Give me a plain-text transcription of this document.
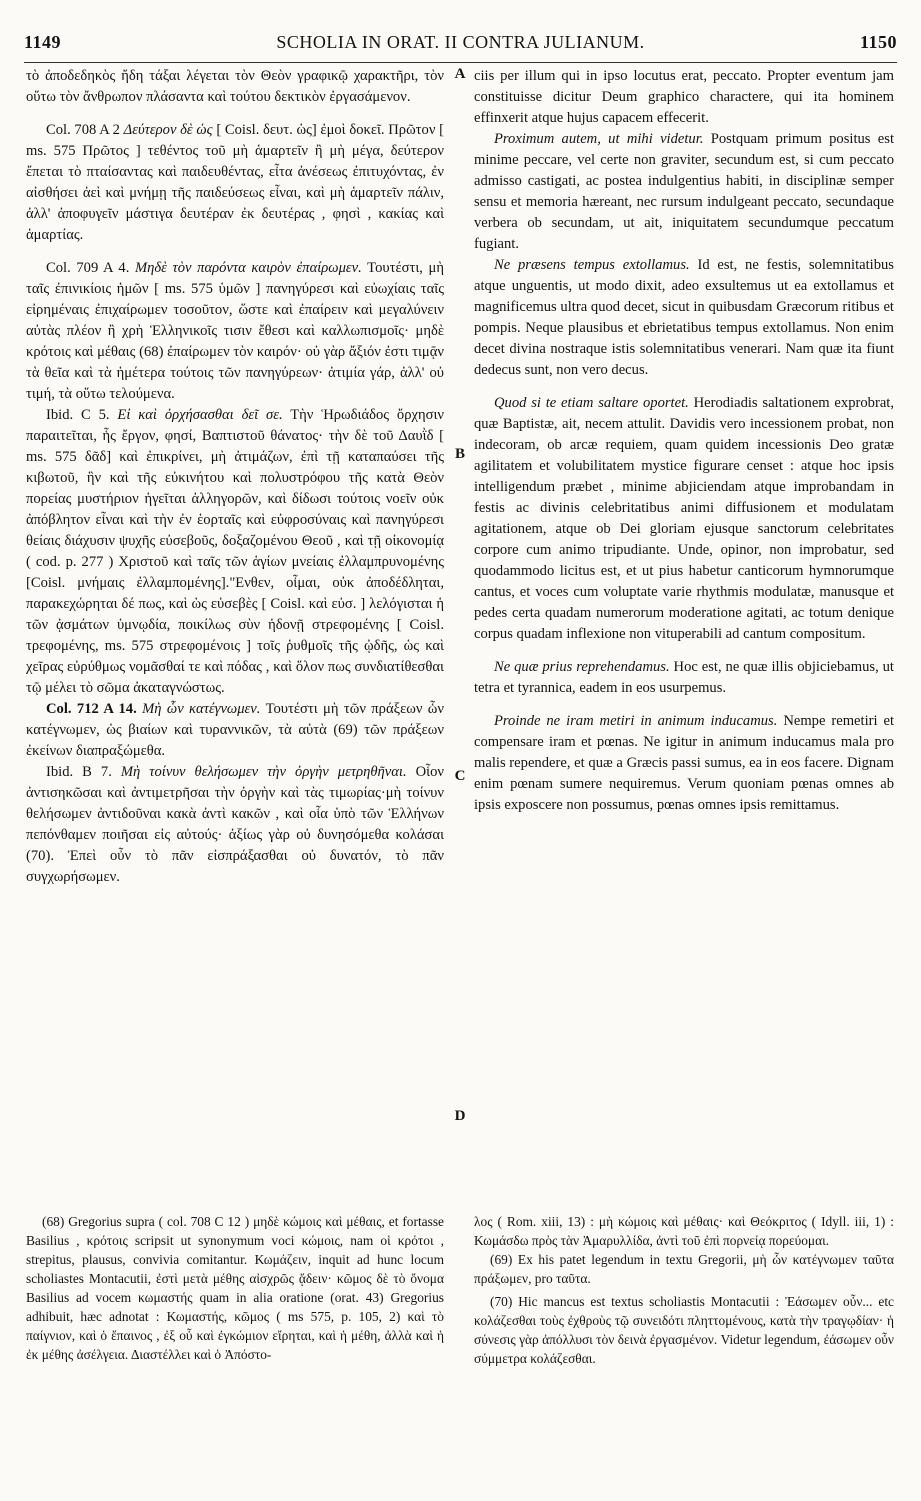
1149	SCHOLIA IN ORAT. II CONTRA JULIANUM.	1150
A
B
C
D

τὸ ἀποδεδηκὸς ἤδη τάξαι λέγεται τὸν Θεὸν γραφικῷ χαρακτῆρι, τὸν οὕτω τὸν ἄνθρωπον πλάσαντα καὶ τούτου δεκτικὸν ἐργασάμενον.

Col. 708 A 2 Δεύτερον δὲ ὡς [ Coisl. δευτ. ὡς] ἐμοὶ δοκεῖ. Πρῶτον [ ms. 575 Πρῶτος ] τεθέντος τοῦ μὴ ἁμαρτεῖν ἢ μὴ μέγα, δεύτερον ἔπεται τὸ πταίσαντας καὶ παιδευθέντας, εἶτα ἀνέσεως ἐπιτυχόντας, ἐν αἰσθήσει ἀεὶ καὶ μνήμῃ τῆς παιδεύσεως εἶναι, καὶ μὴ ἁμαρτεῖν πάλιν, ἀλλ' ἀποφυγεῖν μάστιγα δευτέραν ἐκ δευτέρας , φησὶ , κακίας καὶ ἁμαρτίας.

Col. 709 A 4. Μηδὲ τὸν παρόντα καιρὸν ἐπαίρωμεν. Τουτέστι, μὴ ταῖς ἐπινικίοις ἡμῶν [ ms. 575 ὑμῶν ] πανηγύρεσι καὶ εὐωχίαις ταῖς εἰρημέναις ἐπιχαίρωμεν τοσοῦτον, ὥστε καὶ ἐπαίρειν καὶ μεγαλύνειν αὐτὰς πλέον ἢ χρὴ Ἑλληνικοῖς τισιν ἔθεσι καὶ καλλωπισμοῖς· μηδὲ κρότοις καὶ μέθαις (68) ἐπαίρωμεν τὸν καιρόν· οὐ γὰρ ἄξιόν ἐστι τιμᾷν τὰ θεῖα καὶ τὰ ἡμέτερα τούτοις τῶν πανηγύρεων· ἀτιμία γάρ, ἀλλ' οὐ τιμή, τὰ οὕτω τελούμενα.

Ibid. C 5. Εἰ καὶ ὀρχήσασθαι δεῖ σε. Τὴν Ἡρωδιάδος ὄρχησιν παραιτεῖται, ἧς ἔργον, φησί, Βαπτιστοῦ θάνατος· τὴν δὲ τοῦ Δαυῒδ [ ms. 575 δᾶδ] καὶ ἐπικρίνει, μὴ ἀτιμάζων, ἐπὶ τῇ καταπαύσει τῆς κιβωτοῦ, ἣν καὶ τῆς εὐκινήτου καὶ πολυστρόφου τῆς κατὰ Θεὸν πορείας μυστήριον ἡγεῖται ἀλληγορῶν, καὶ δίδωσι τούτοις νοεῖν οὐκ ἀπόβλητον εἶναι καὶ τὴν ἐν ἑορταῖς καὶ εὐφροσύναις καὶ πανηγύρεσι θείαις διάχυσιν ψυχῆς εὐσεβοῦς, δοξαζομένου Θεοῦ , καὶ τῇ οἰκονομίᾳ ( cod. p. 277 ) Χριστοῦ καὶ ταῖς τῶν ἁγίων μνείαις ἐλλαμπρυνομένης [Coisl. μνήμαις ἐλλαμπομένης]."Ενθεν, οἶμαι, οὐκ ἀποδέδληται, παρακεχώρηται δέ πως, καὶ ὡς εὐσεβὲς [ Coisl. καὶ εὐσ. ] λελόγισται ἡ τῶν ᾀσμάτων ὑμνῳδία, ποικίλως σὺν ἡδονῇ στρεφομένης [ Coisl. τρεφομένης, ms. 575 στρεφομένοις ] τοῖς ῥυθμοῖς τῆς ᾠδῆς, ὡς καὶ χεῖρας εὐρύθμως νομᾶσθαί τε καὶ πόδας , καὶ ὅλον πως συνδιατίθεσθαι τῷ μέλει τὸ σῶμα ἀκαταγνώστως.

Col. 712 A 14. Μὴ ὧν κατέγνωμεν. Τουτέστι μὴ τῶν πράξεων ὧν κατέγνωμεν, ὡς βιαίων καὶ τυραννικῶν, τὰ αὐτὰ (69) τῶν πράξεων ἐκείνων διαπραξώμεθα.

Ibid. B 7. Μὴ τοίνυν θελήσωμεν τὴν ὀργὴν μετρηθῆναι. Οἷον ἀντισηκῶσαι καὶ ἀντιμετρῆσαι τὴν ὀργὴν καὶ τὰς τιμωρίας·μὴ τοίνυν θελήσωμεν ἀντιδοῦναι κακὰ ἀντὶ κακῶν , καὶ οἷα ὑπὸ τῶν Ἑλλήνων πεπόνθαμεν ποιῆσαι εἰς αὐτούς· ἀξίως γὰρ οὐ δυνησόμεθα κολάσαι (70). Ἐπεὶ οὖν τὸ πᾶν εἰσπράξασθαι οὐ δυνατόν, τὸ πᾶν συγχωρήσωμεν.

ciis per illum qui in ipso locutus erat, peccato. Propter eventum jam constituisse dicitur Deum graphico charactere, qui ita hominem effinxerit atque hujus capacem effecerit.

Proximum autem, ut mihi videtur. Postquam primum positus est minime peccare, vel certe non graviter, secundum est, si cum peccato admisso castigati, ac postea indulgentius habiti, in disciplinæ semper sensu et memoria hæreant, nec rursum indulgeant peccato, secundaque verbera ob secundam, ut ait, iniquitatem secundumque peccatum fugiant.

Ne præsens tempus extollamus. Id est, ne festis, solemnitatibus atque unguentis, ut modo dixit, adeo exsultemus ut ea extollamus et magnificemus ultra quod decet, sicut in quibusdam Græcorum ritibus et pompis. Neque plausibus et ebrietatibus tempus extollamus. Non enim decet divina nostraque istis solemnitatibus venerari. Nam quæ ita fiunt dedecus sunt, non vero decus.

Quod si te etiam saltare oportet. Herodiadis saltationem exprobrat, quæ Baptistæ, ait, necem attulit. Davidis vero incessionem probat, non indecoram, ob arcæ requiem, quam quidem incessionis Deo gratæ agilitatem et volubilitatem mystice figurare censet : atque hoc ipsis intelligendum præbet , minime abjiciendam atque improbandam in festis ac divinis celebritatibus animi diffusionem et modulatam agitationem, atque ob Dei gloriam ejusque sanctorum celebritates corpore cum animo tripudiante. Unde, opinor, non improbatur, sed quodammodo licitus est, et ut pius habetur canticorum hymnorumque cantus, et voces cum voluptate varie rhythmis modulatæ, manusque et pedes certa quadam numerorum moderatione agitati, ac totum denique corpus quadam inflexione non vituperabili ad cantum compositum.

Ne quæ prius reprehendamus. Hoc est, ne quæ illis objiciebamus, ut tetra et tyrannica, eadem in eos usurpemus.

Proinde ne iram metiri in animum inducamus. Nempe remetiri et compensare iram et pœnas. Ne igitur in animum inducamus mala pro malis rependere, et quæ a Græcis passi sumus, ea in eos facere. Dignam enim pœnam sumere nequiremus. Verum quoniam pœnas omnes ab ipsis exposcere non possumus, pœnas omnes ipsis remittamus.

(68) Gregorius supra ( col. 708 C 12 ) μηδὲ κώμοις καὶ μέθαις, et fortasse Basilius , κρότοις scripsit ut synonymum voci κώμοις, nam οἱ κρότοι , strepitus, plausus, convivia comitantur. Κωμάζειν, inquit ad hunc locum scholiastes Montacutii, ἐστὶ μετὰ μέθης αἰσχρῶς ᾄδειν· κῶμος δὲ τὸ ὄνομα Basilius ad vocem κωμαστής quam in alia oratione (orat. 43) Gregorius adhibuit, hæc adnotat : Κωμαστής, κῶμος ( ms 575, p. 105, 2) καὶ τὸ παίγνιον, καὶ ὁ ἔπαινος , ἐξ οὗ καὶ ἐγκώμιον εἴρηται, καὶ ἡ μέθη, ἀλλὰ καὶ ἡ ἐκ μέθης ἀσέλγεια. Διαστέλλει καὶ ὁ Ἀπόστο-

λος ( Rom. xiii, 13) : μὴ κώμοις καὶ μέθαις· καὶ Θεόκριτος ( Idyll. iii, 1) : Κωμάσδω πρὸς τὰν Ἀμαρυλλίδα, ἀντὶ τοῦ ἐπὶ πορνείᾳ πορεύομαι.

(69) Ex his patet legendum in textu Gregorii, μὴ ὧν κατέγνωμεν ταῦτα πράξωμεν, pro ταῦτα.

(70) Hic mancus est textus scholiastis Montacutii : Ἐάσωμεν οὖν... etc κολάζεσθαι τοὺς ἐχθροὺς τῷ συνειδότι πληττομένους, κατὰ τὴν τραγῳδίαν· ἡ σύνεσις γὰρ ἀπόλλυσι τὸν δεινὰ ἐργασμένον. Videtur legendum, ἐάσωμεν οὖν σύμμετρα κολάζεσθαι.
